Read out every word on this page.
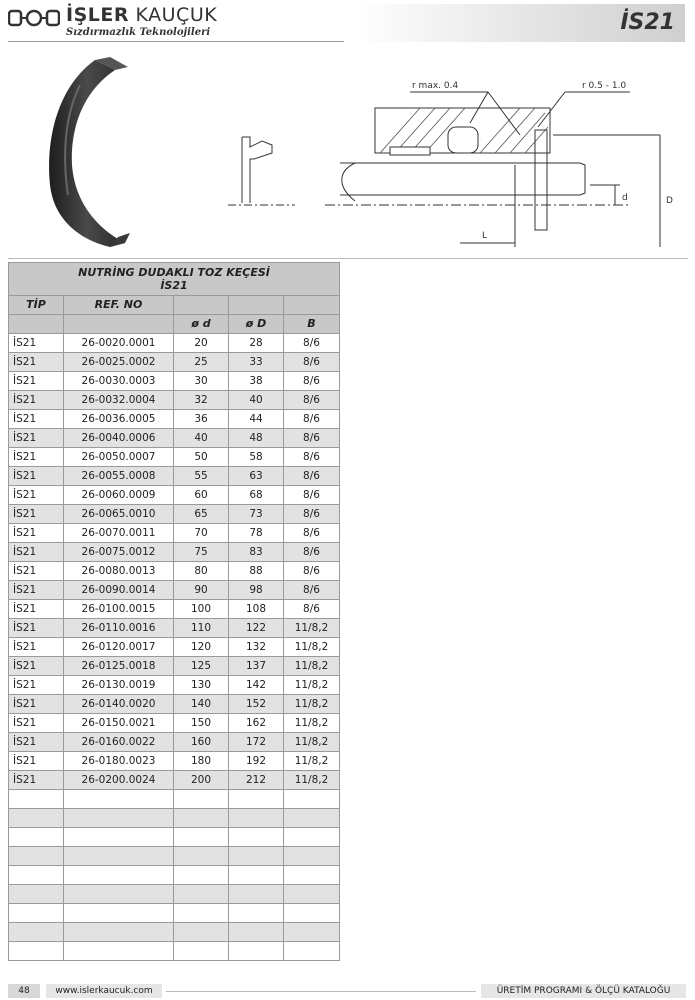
İŞLER KAUÇUK
Sızdırmazlık Teknolojileri	İS21
r max. 0.4	r 0.5 - 1.0
d	D
L
NUTRİNG DUDAKLI TOZ KEÇESİ
İS21				

TİP	REF. NO			
		ø d	ø D	B
İS21	26-0020.0001	20	28	8/6
İS21	26-0025.0002	25	33	8/6
İS21	26-0030.0003	30	38	8/6
İS21	26-0032.0004	32	40	8/6
İS21	26-0036.0005	36	44	8/6
İS21	26-0040.0006	40	48	8/6
İS21	26-0050.0007	50	58	8/6
İS21	26-0055.0008	55	63	8/6
İS21	26-0060.0009	60	68	8/6
İS21	26-0065.0010	65	73	8/6
İS21	26-0070.0011	70	78	8/6
İS21	26-0075.0012	75	83	8/6
İS21	26-0080.0013	80	88	8/6
İS21	26-0090.0014	90	98	8/6
İS21	26-0100.0015	100	108	8/6
İS21	26-0110.0016	110	122	11/8,2
İS21	26-0120.0017	120	132	11/8,2
İS21	26-0125.0018	125	137	11/8,2
İS21	26-0130.0019	130	142	11/8,2
İS21	26-0140.0020	140	152	11/8,2
İS21	26-0150.0021	150	162	11/8,2
İS21	26-0160.0022	160	172	11/8,2
İS21	26-0180.0023	180	192	11/8,2
İS21	26-0200.0024	200	212	11/8,2

48	www.islerkaucuk.com	ÜRETİM PROGRAMI & ÖLÇÜ KATALOĞU
